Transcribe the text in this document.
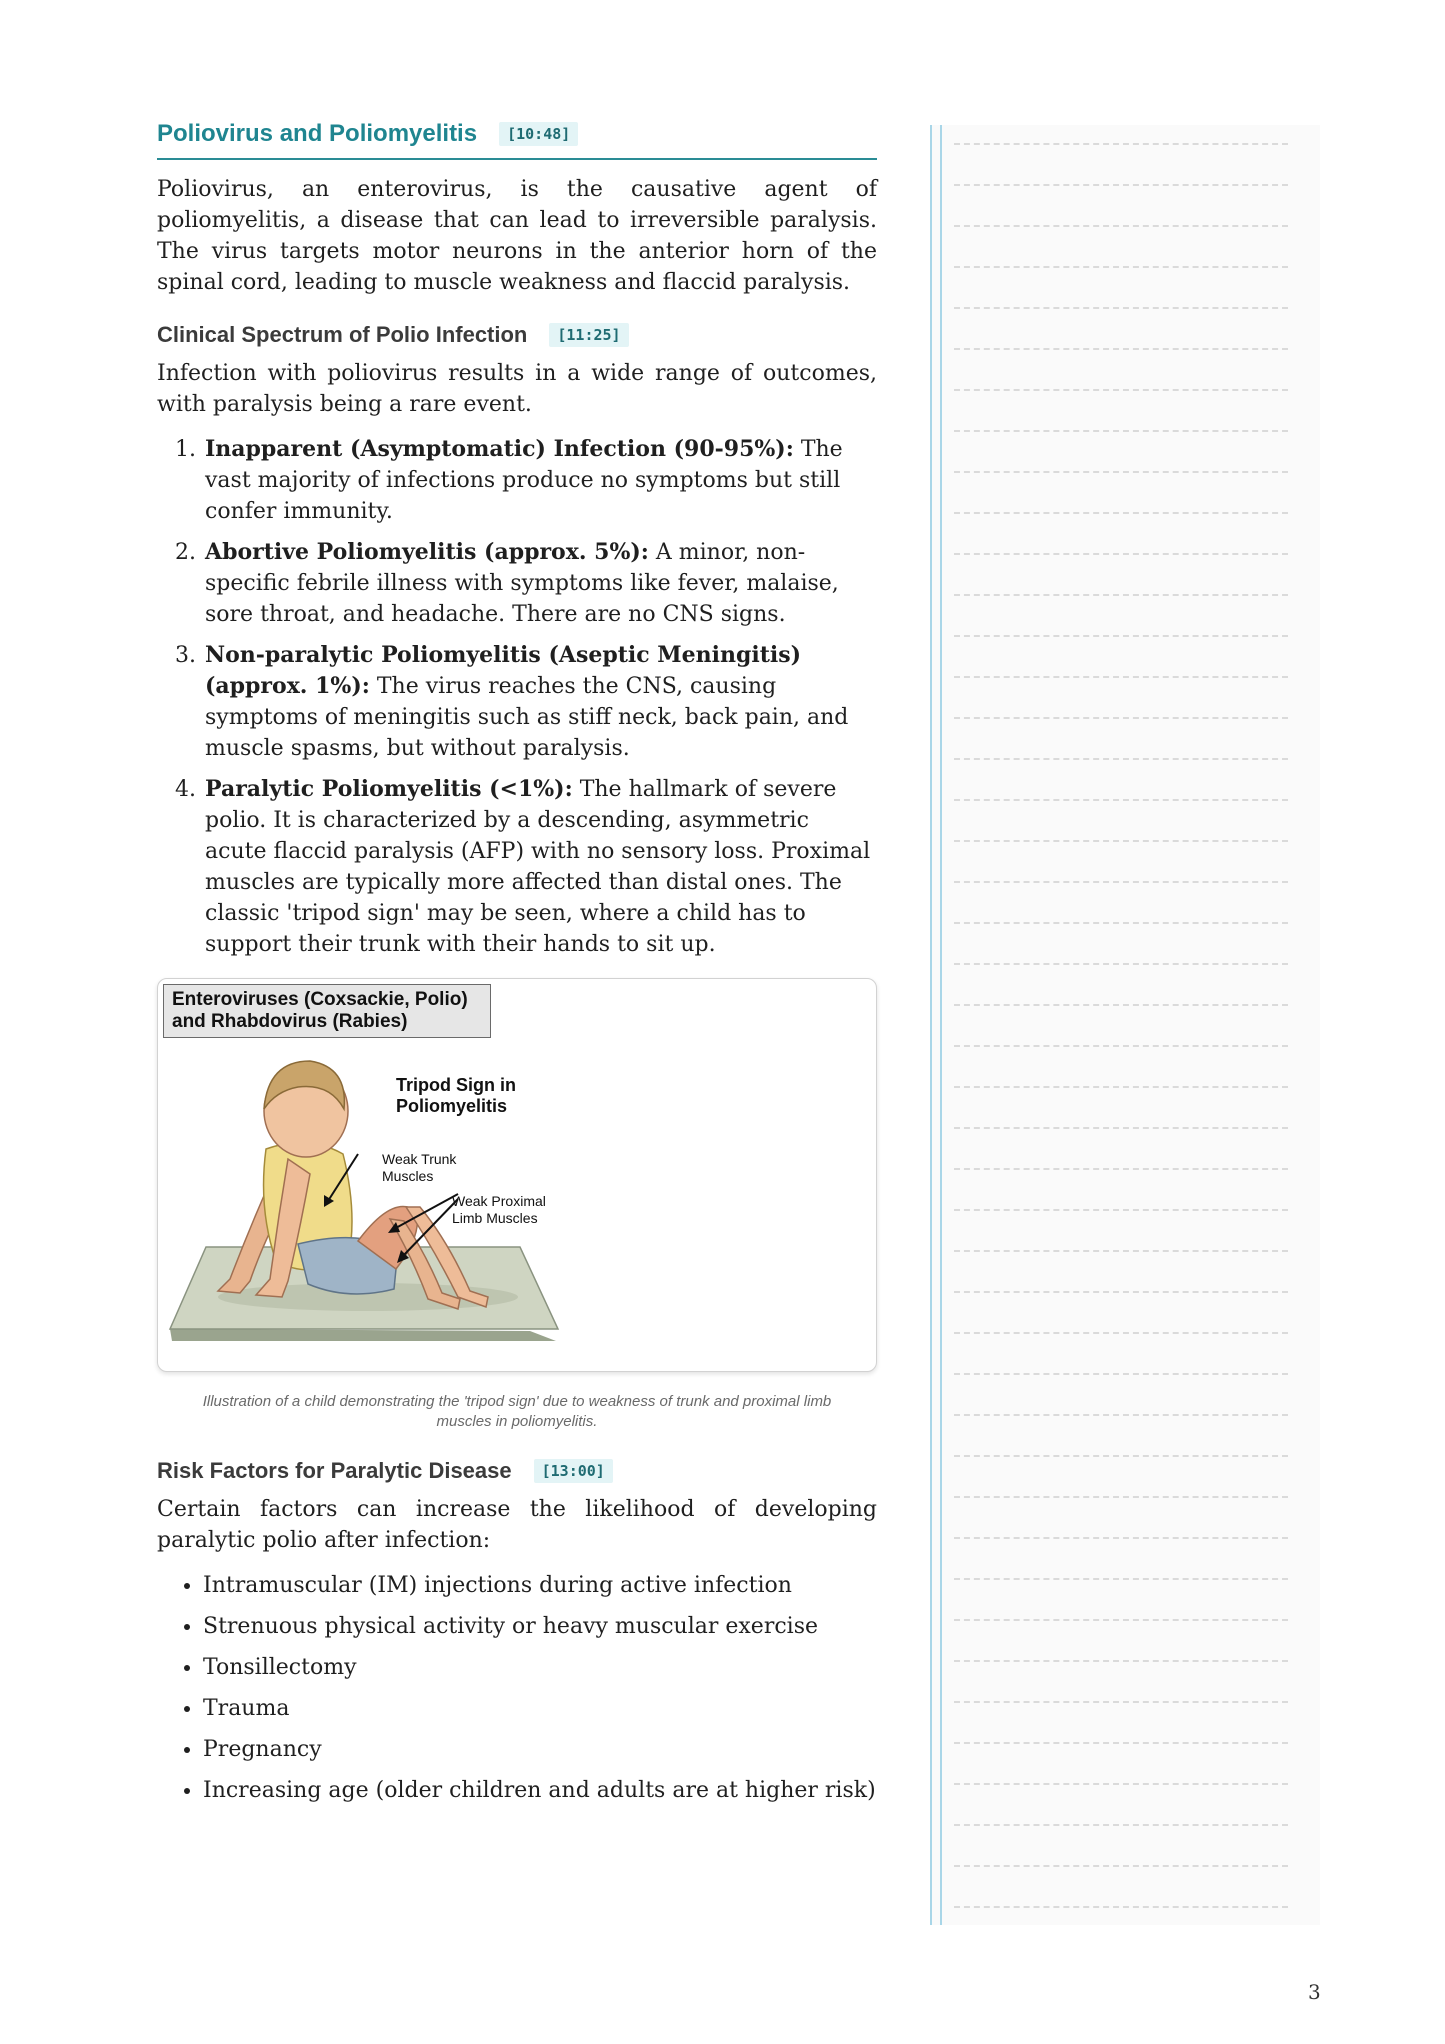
Poliovirus and Poliomyelitis	[10:48]

Poliovirus, an enterovirus, is the causative agent of poliomyelitis, a disease that can lead to irreversible paralysis. The virus targets motor neurons in the anterior horn of the spinal cord, leading to muscle weakness and flaccid paralysis.

Clinical Spectrum of Polio Infection	[11:25]

Infection with poliovirus results in a wide range of outcomes, with paralysis being a rare event.

1. Inapparent (Asymptomatic) Infection (90-95%): The vast majority of infections produce no symptoms but still confer immunity.
2. Abortive Poliomyelitis (approx. 5%): A minor, non-specific febrile illness with symptoms like fever, malaise, sore throat, and headache. There are no CNS signs.
3. Non-paralytic Poliomyelitis (Aseptic Meningitis) (approx. 1%): The virus reaches the CNS, causing symptoms of meningitis such as stiff neck, back pain, and muscle spasms, but without paralysis.
4. Paralytic Poliomyelitis (<1%): The hallmark of severe polio. It is characterized by a descending, asymmetric acute flaccid paralysis (AFP) with no sensory loss. Proximal muscles are typically more affected than distal ones. The classic 'tripod sign' may be seen, where a child has to support their trunk with their hands to sit up.
Enteroviruses (Coxsackie, Polio)
and Rhabdovirus (Rabies)
Tripod Sign in
Poliomyelitis
Weak Trunk
Muscles
Weak Proximal
Limb Muscles
Illustration of a child demonstrating the 'tripod sign' due to weakness of trunk and proximal limb muscles in poliomyelitis.
Risk Factors for Paralytic Disease	[13:00]

Certain factors can increase the likelihood of developing paralytic polio after infection:

• Intramuscular (IM) injections during active infection
• Strenuous physical activity or heavy muscular exercise
• Tonsillectomy
• Trauma
• Pregnancy
• Increasing age (older children and adults are at higher risk)
3
